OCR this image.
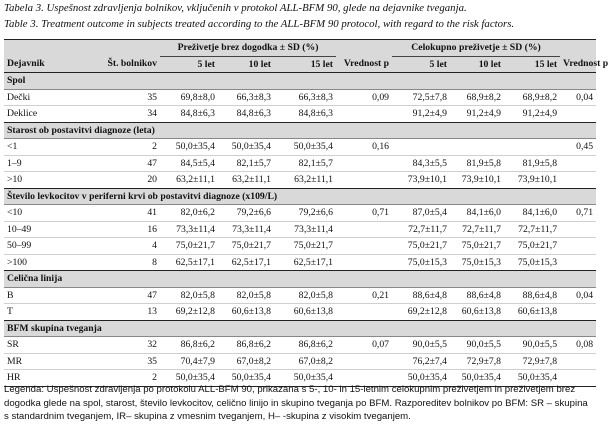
Tabela 3. Uspešnost zdravljenja bolnikov, vključenih v protokol ALL-BFM 90, glede na dejavnike tveganja.
Table 3. Treatment outcome in subjects treated according to the ALL-BFM 90 protocol, with regard to the risk factors.
		Preživetje brez dogodka ± SD (%)				Celokupno preživetje ± SD (%)			
Dejavnik	Št. bolnikov	5 let	10 let	15 let	Vrednost p	5 let	10 let	15 let	Vrednost p
Spol									
Dečki	35	69,8±8,0	66,3±8,3	66,3±8,3	0,09	72,5±7,8	68,9±8,2	68,9±8,2	0,04
Deklice	34	84,8±6,3	84,8±6,3	84,8±6,3		91,2±4,9	91,2±4,9	91,2±4,9	
Starost ob postavitvi diagnoze (leta)									
<1	2	50,0±35,4	50,0±35,4	50,0±35,4	0,16				0,45
1–9	47	84,5±5,4	82,1±5,7	82,1±5,7		84,3±5,5	81,9±5,8	81,9±5,8	
>10	20	63,2±11,1	63,2±11,1	63,2±11,1		73,9±10,1	73,9±10,1	73,9±10,1	
Število levkocitov v periferni krvi ob postavitvi diagnoze (x109/L)									
<10	41	82,0±6,2	79,2±6,6	79,2±6,6	0,71	87,0±5,4	84,1±6,0	84,1±6,0	0,71
10–49	16	73,3±11,4	73,3±11,4	73,3±11,4		72,7±11,7	72,7±11,7	72,7±11,7	
50–99	4	75,0±21,7	75,0±21,7	75,0±21,7		75,0±21,7	75,0±21,7	75,0±21,7	
>100	8	62,5±17,1	62,5±17,1	62,5±17,1		75,0±15,3	75,0±15,3	75,0±15,3	
Celična linija									
B	47	82,0±5,8	82,0±5,8	82,0±5,8	0,21	88,6±4,8	88,6±4,8	88,6±4,8	0,04
T	13	69,2±12,8	60,6±13,8	60,6±13,8		69,2±12,8	60,6±13,8	60,6±13,8	
BFM skupina tveganja									
SR	32	86,8±6,2	86,8±6,2	86,8±6,2	0,07	90,0±5,5	90,0±5,5	90,0±5,5	0,08
MR	35	70,4±7,9	67,0±8,2	67,0±8,2		76,2±7,4	72,9±7,8	72,9±7,8	
HR	2	50,0±35,4	50,0±35,4	50,0±35,4		50,0±35,4	50,0±35,4	50,0±35,4	
Legenda: Uspešnost zdravljenja po protokolu ALL-BFM 90, prikazana s 5-, 10- in 15-letnim celokupnim preživetjem in preživetjem brez dogodka glede na spol, starost, število levkocitov, celično linijo in skupino tveganja po BFM. Razporeditev bolnikov po BFM: SR – skupina s standardnim tveganjem, IR– skupina z vmesnim tveganjem, H– -skupina z visokim tveganjem.
